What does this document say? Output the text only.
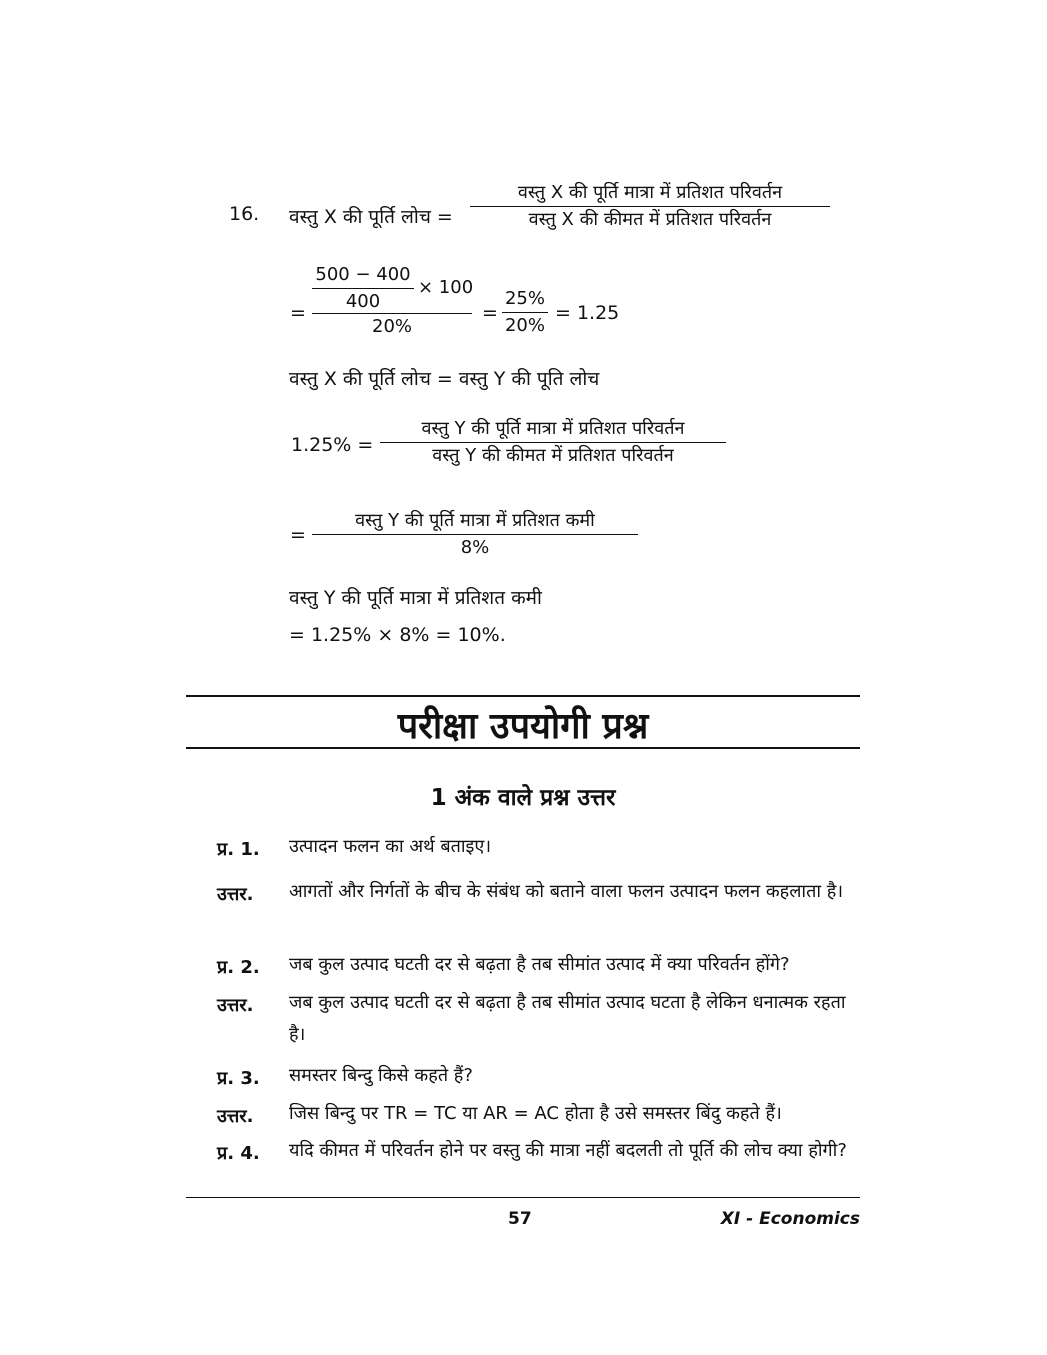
16. वस्तु X की पूर्ति लोच =
वस्तु X की पूर्ति मात्रा में प्रतिशत परिवर्तन
वस्तु X की कीमत में प्रतिशत परिवर्तन
=
500 − 400
400
× 100
20%
=
25%
20%
= 1.25
वस्तु X की पूर्ति लोच = वस्तु Y की पूति लोच
1.25% =
वस्तु Y की पूर्ति मात्रा में प्रतिशत परिवर्तन
वस्तु Y की कीमत में प्रतिशत परिवर्तन
=
वस्तु Y की पूर्ति मात्रा में प्रतिशत कमी
8%
वस्तु Y की पूर्ति मात्रा में प्रतिशत कमी
= 1.25% × 8% = 10%.
परीक्षा उपयोगी प्रश्न
1 अंक वाले प्रश्न उत्तर
प्र. 1. उत्पादन फलन का अर्थ बताइए।
उत्तर. आगतों और निर्गतों के बीच के संबंध को बताने वाला फलन उत्पादन फलन कहलाता है।
प्र. 2. जब कुल उत्पाद घटती दर से बढ़ता है तब सीमांत उत्पाद में क्या परिवर्तन होंगे?
उत्तर. जब कुल उत्पाद घटती दर से बढ़ता है तब सीमांत उत्पाद घटता है लेकिन धनात्मक रहता है।
प्र. 3. समस्तर बिन्दु किसे कहते हैं?
उत्तर. जिस बिन्दु पर TR = TC या AR = AC होता है उसे समस्तर बिंदु कहते हैं।
प्र. 4. यदि कीमत में परिवर्तन होने पर वस्तु की मात्रा नहीं बदलती तो पूर्ति की लोच क्या होगी?
57	XI - Economics
